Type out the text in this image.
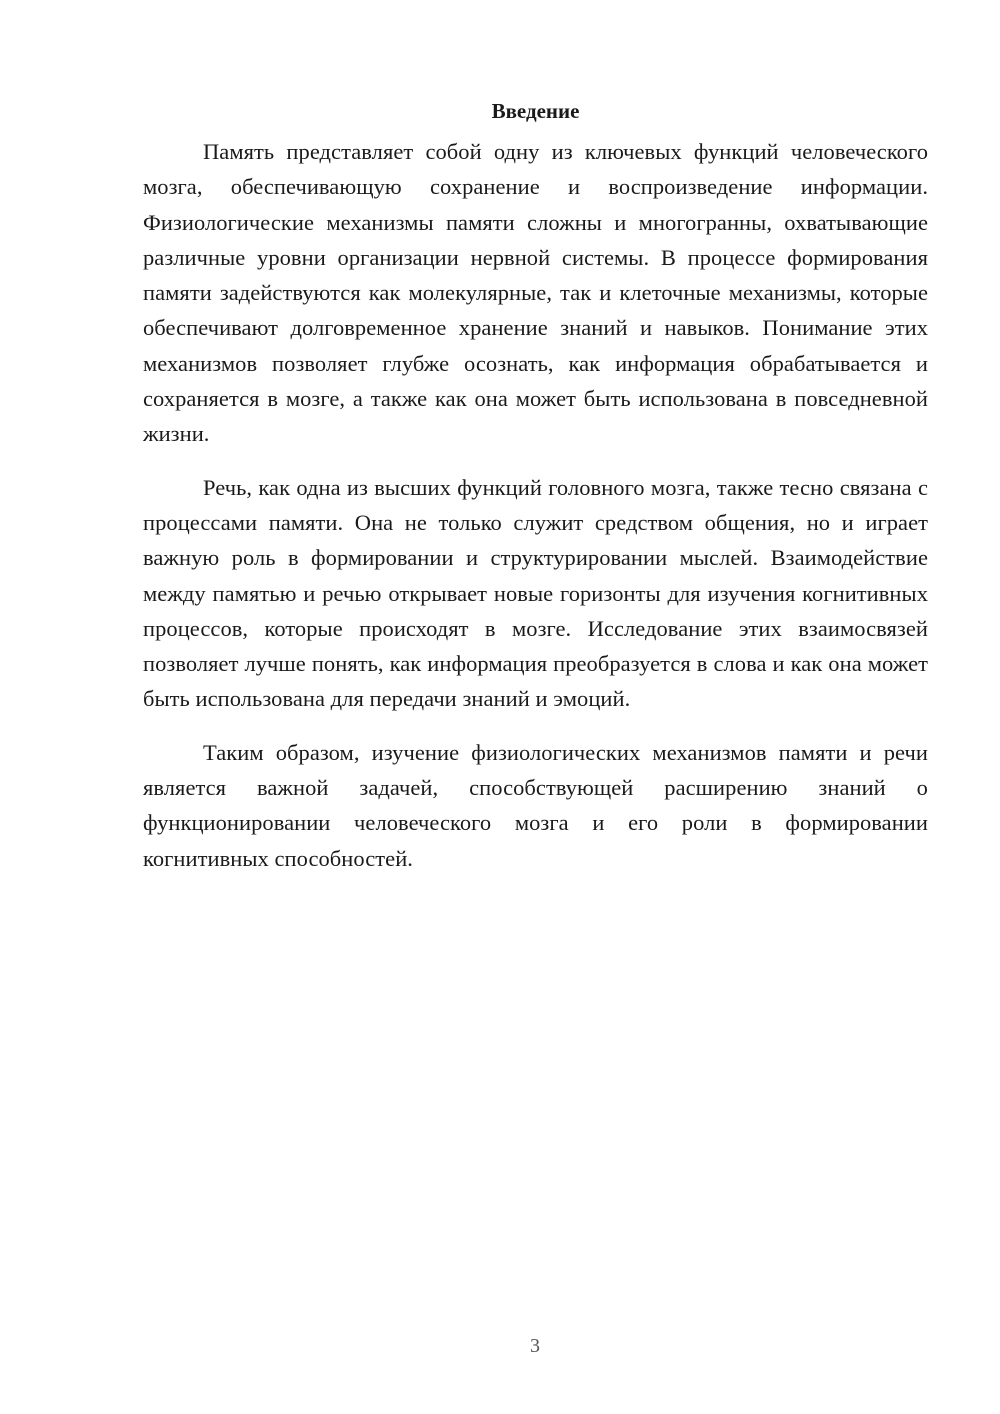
Введение

Память представляет собой одну из ключевых функций человеческого мозга, обеспечивающую сохранение и воспроизведение информации. Физиологические механизмы памяти сложны и многогранны, охватывающие различные уровни организации нервной системы. В процессе формирования памяти задействуются как молекулярные, так и клеточные механизмы, которые обеспечивают долговременное хранение знаний и навыков. Понимание этих механизмов позволяет глубже осознать, как информация обрабатывается и сохраняется в мозге, а также как она может быть использована в повседневной жизни.

Речь, как одна из высших функций головного мозга, также тесно связана с процессами памяти. Она не только служит средством общения, но и играет важную роль в формировании и структурировании мыслей. Взаимодействие между памятью и речью открывает новые горизонты для изучения когнитивных процессов, которые происходят в мозге. Исследование этих взаимосвязей позволяет лучше понять, как информация преобразуется в слова и как она может быть использована для передачи знаний и эмоций.

Таким образом, изучение физиологических механизмов памяти и речи является важной задачей, способствующей расширению знаний о функционировании человеческого мозга и его роли в формировании когнитивных способностей.

3
